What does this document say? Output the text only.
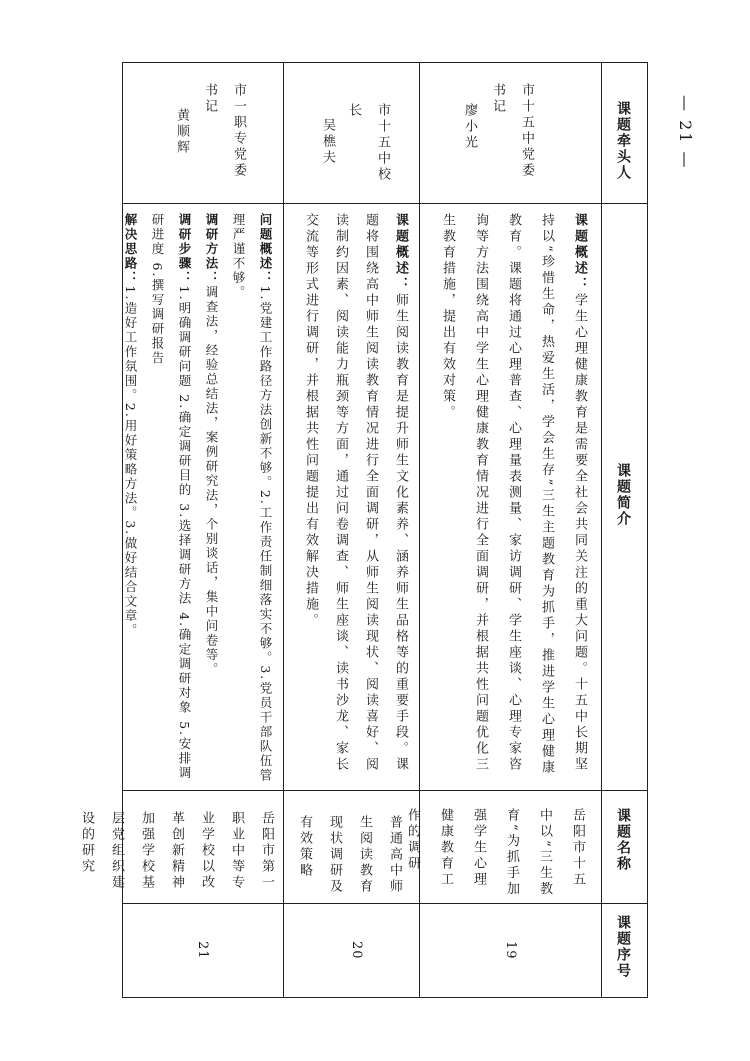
— 21 —
课题牵头人
课题简介
课题名称
课题序号
市十五中党委书记
廖小光
课题概述：学生心理健康教育是需要全社会共同关注的重大问题。十五中长期坚持以“珍惜生命，热爱生活，学会生存”三生主题教育为抓手，推进学生心理健康教育。课题将通过心理普查、心理量表测量、家访调研、学生座谈、心理专家咨询等方法围绕高中学生心理健康教育情况进行全面调研，并根据共性问题优化三生教育措施，提出有效对策。
岳阳市十五中以“三生教育”为抓手加强学生心理健康教育工作的调研
19
市十五中校长
吴樵夫
课题概述：师生阅读教育是提升师生文化素养、涵养师生品格等的重要手段。课题将围绕高中师生阅读教育情况进行全面调研，从师生阅读现状、阅读喜好、阅读制约因素、阅读能力瓶颈等方面，通过问卷调查、师生座谈、读书沙龙、家长交流等形式进行调研，并根据共性问题提出有效解决措施。
普通高中师生阅读教育现状调研及有效策略
20
市一职专党委书记
黄顺辉
问题概述：1.党建工作路径方法创新不够。2.工作责任制细落实不够。3.党员干部队伍管理严谨不够。
调研方法：调查法，经验总结法，案例研究法，个别谈话，集中问卷等。
调研步骤：1.明确调研问题 2.确定调研目的 3.选择调研方法 4.确定调研对象 5.安排调研进度 6.撰写调研报告
解决思路：1.造好工作氛围。2.用好策略方法。3.做好结合文章。
岳阳市第一职业中等专业学校以改革创新精神加强学校基层党组织建设的研究
21
